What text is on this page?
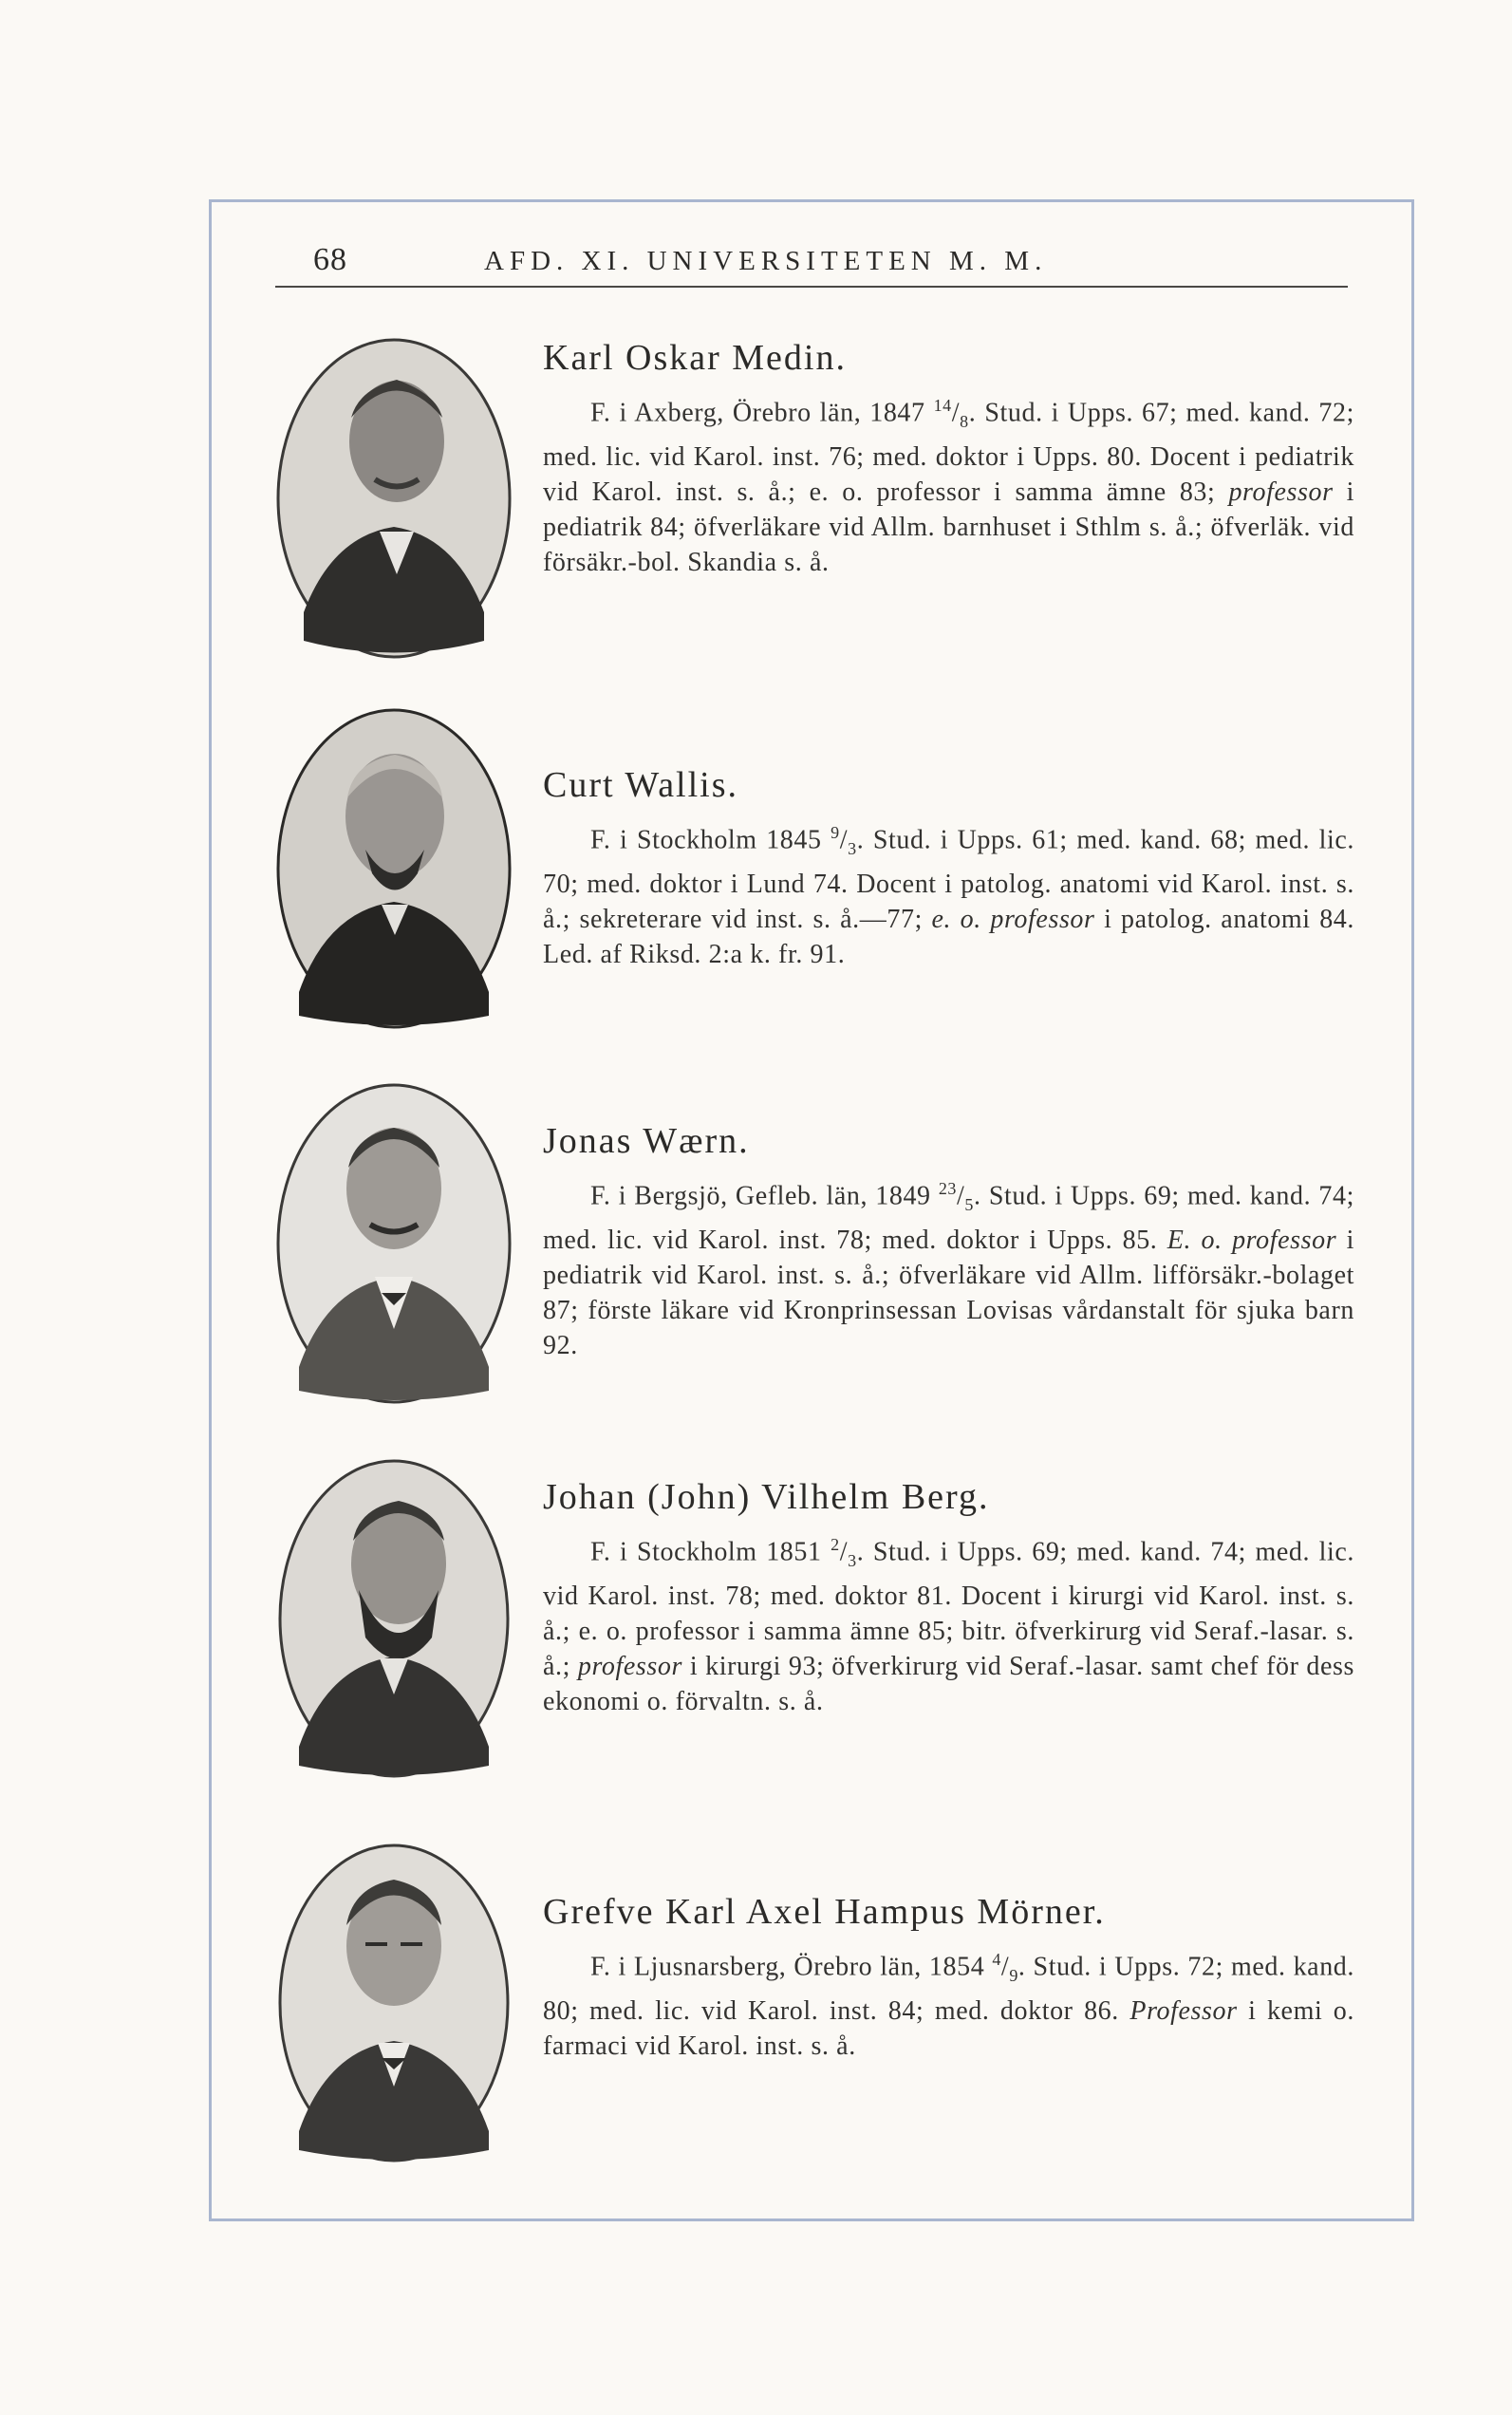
68	AFD. XI. UNIVERSITETEN M. M.
Karl Oskar Medin.

F. i Axberg, Örebro län, 1847 $^{14}/_8$. Stud. i Upps. 67; med. kand. 72; med. lic. vid Karol. inst. 76; med. doktor i Upps. 80. Docent i pediatrik vid Karol. inst. s. å.; e. o. professor i samma ämne 83; professor i pediatrik 84; öfverläkare vid Allm. barnhuset i Sthlm s. å.; öfverläk. vid försäkr.-bol. Skandia s. å.

Curt Wallis.

F. i Stockholm 1845 $^9/_3$. Stud. i Upps. 61; med. kand. 68; med. lic. 70; med. doktor i Lund 74. Docent i patolog. anatomi vid Karol. inst. s. å.; sekreterare vid inst. s. å.—77; e. o. professor i patolog. anatomi 84. Led. af Riksd. 2:a k. fr. 91.

Jonas Wærn.

F. i Bergsjö, Gefleb. län, 1849 $^{23}/_5$. Stud. i Upps. 69; med. kand. 74; med. lic. vid Karol. inst. 78; med. doktor i Upps. 85. E. o. professor i pediatrik vid Karol. inst. s. å.; öfverläkare vid Allm. lifförsäkr.-bolaget 87; förste läkare vid Kronprinsessan Lovisas vårdanstalt för sjuka barn 92.

Johan (John) Vilhelm Berg.

F. i Stockholm 1851 $^2/_3$. Stud. i Upps. 69; med. kand. 74; med. lic. vid Karol. inst. 78; med. doktor 81. Docent i kirurgi vid Karol. inst. s. å.; e. o. professor i samma ämne 85; bitr. öfverkirurg vid Seraf.-lasar. s. å.; professor i kirurgi 93; öfverkirurg vid Seraf.-lasar. samt chef för dess ekonomi o. förvaltn. s. å.

Grefve Karl Axel Hampus Mörner.

F. i Ljusnarsberg, Örebro län, 1854 $^4/_9$. Stud. i Upps. 72; med. kand. 80; med. lic. vid Karol. inst. 84; med. doktor 86. Professor i kemi o. farmaci vid Karol. inst. s. å.
